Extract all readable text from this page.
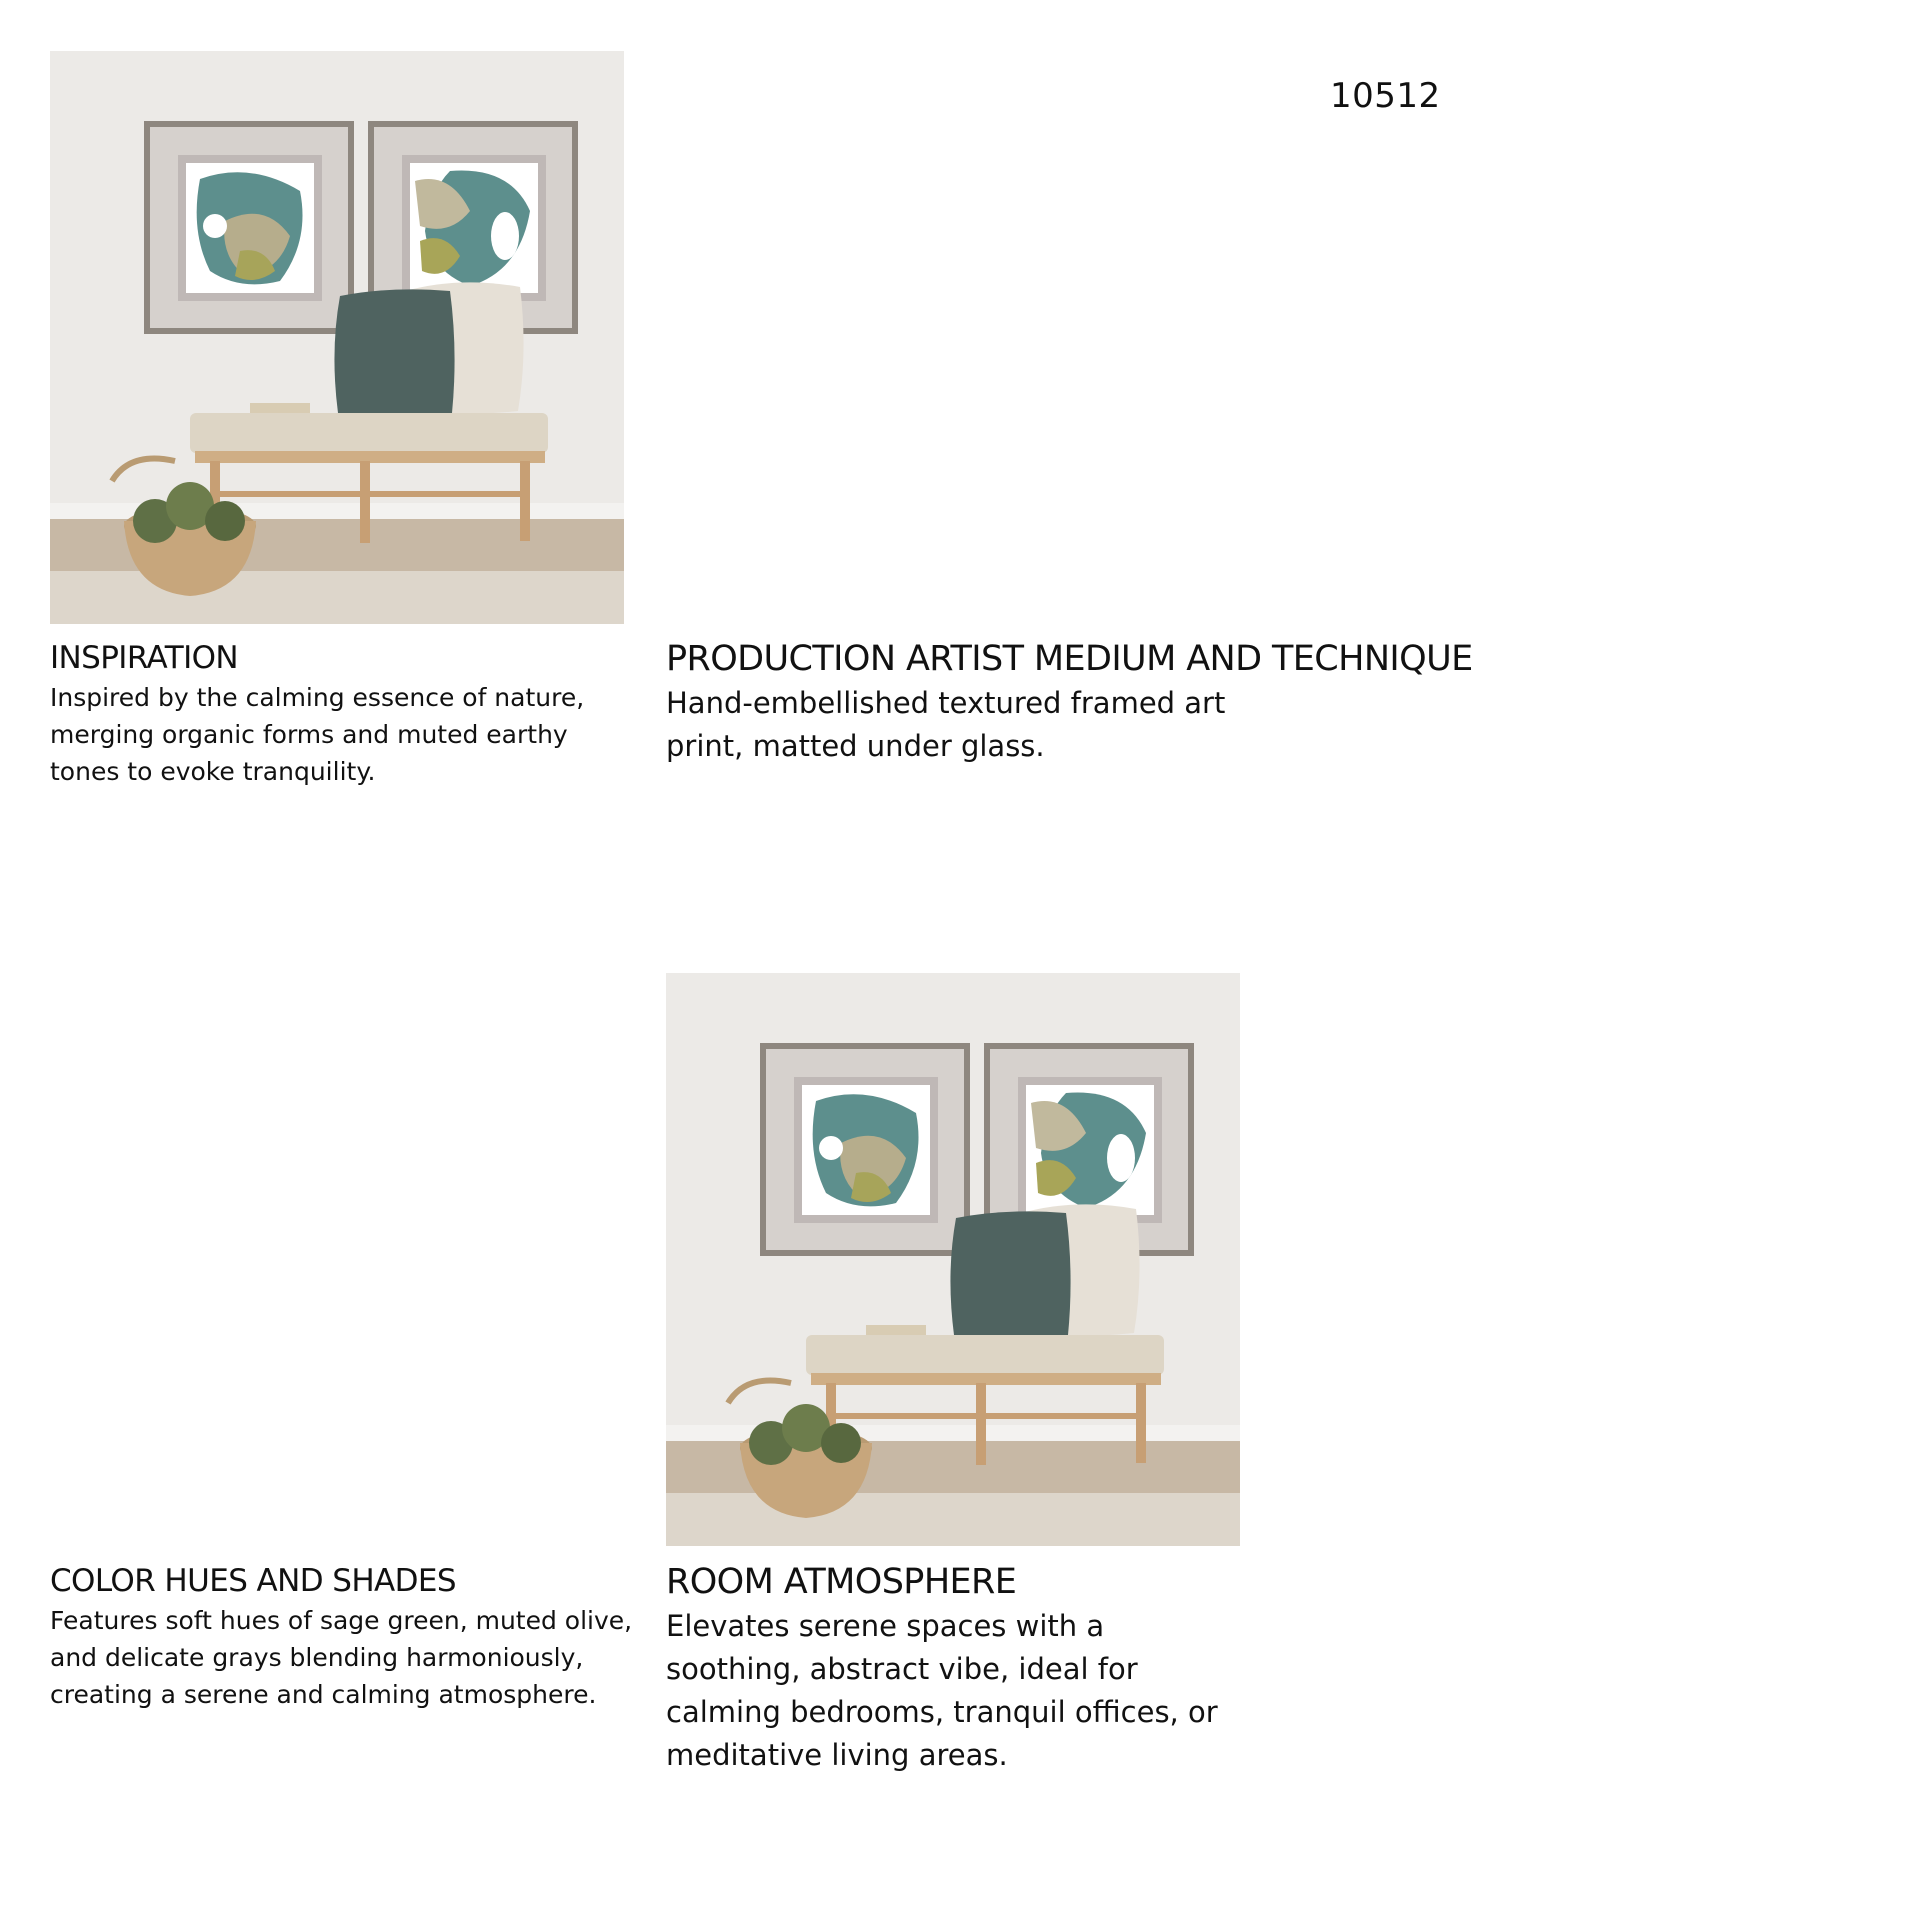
10512
INSPIRATION

Inspired by the calming essence of nature, merging organic forms and muted earthy tones to evoke tranquility.

PRODUCTION ARTIST MEDIUM AND TECHNIQUE

Hand-embellished textured framed art print, matted under glass.

COLOR HUES AND SHADES

Features soft hues of sage green, muted olive, and delicate grays blending harmoniously, creating a serene and calming atmosphere.

ROOM ATMOSPHERE

Elevates serene spaces with a soothing, abstract vibe, ideal for calming bedrooms, tranquil offices, or meditative living areas.
